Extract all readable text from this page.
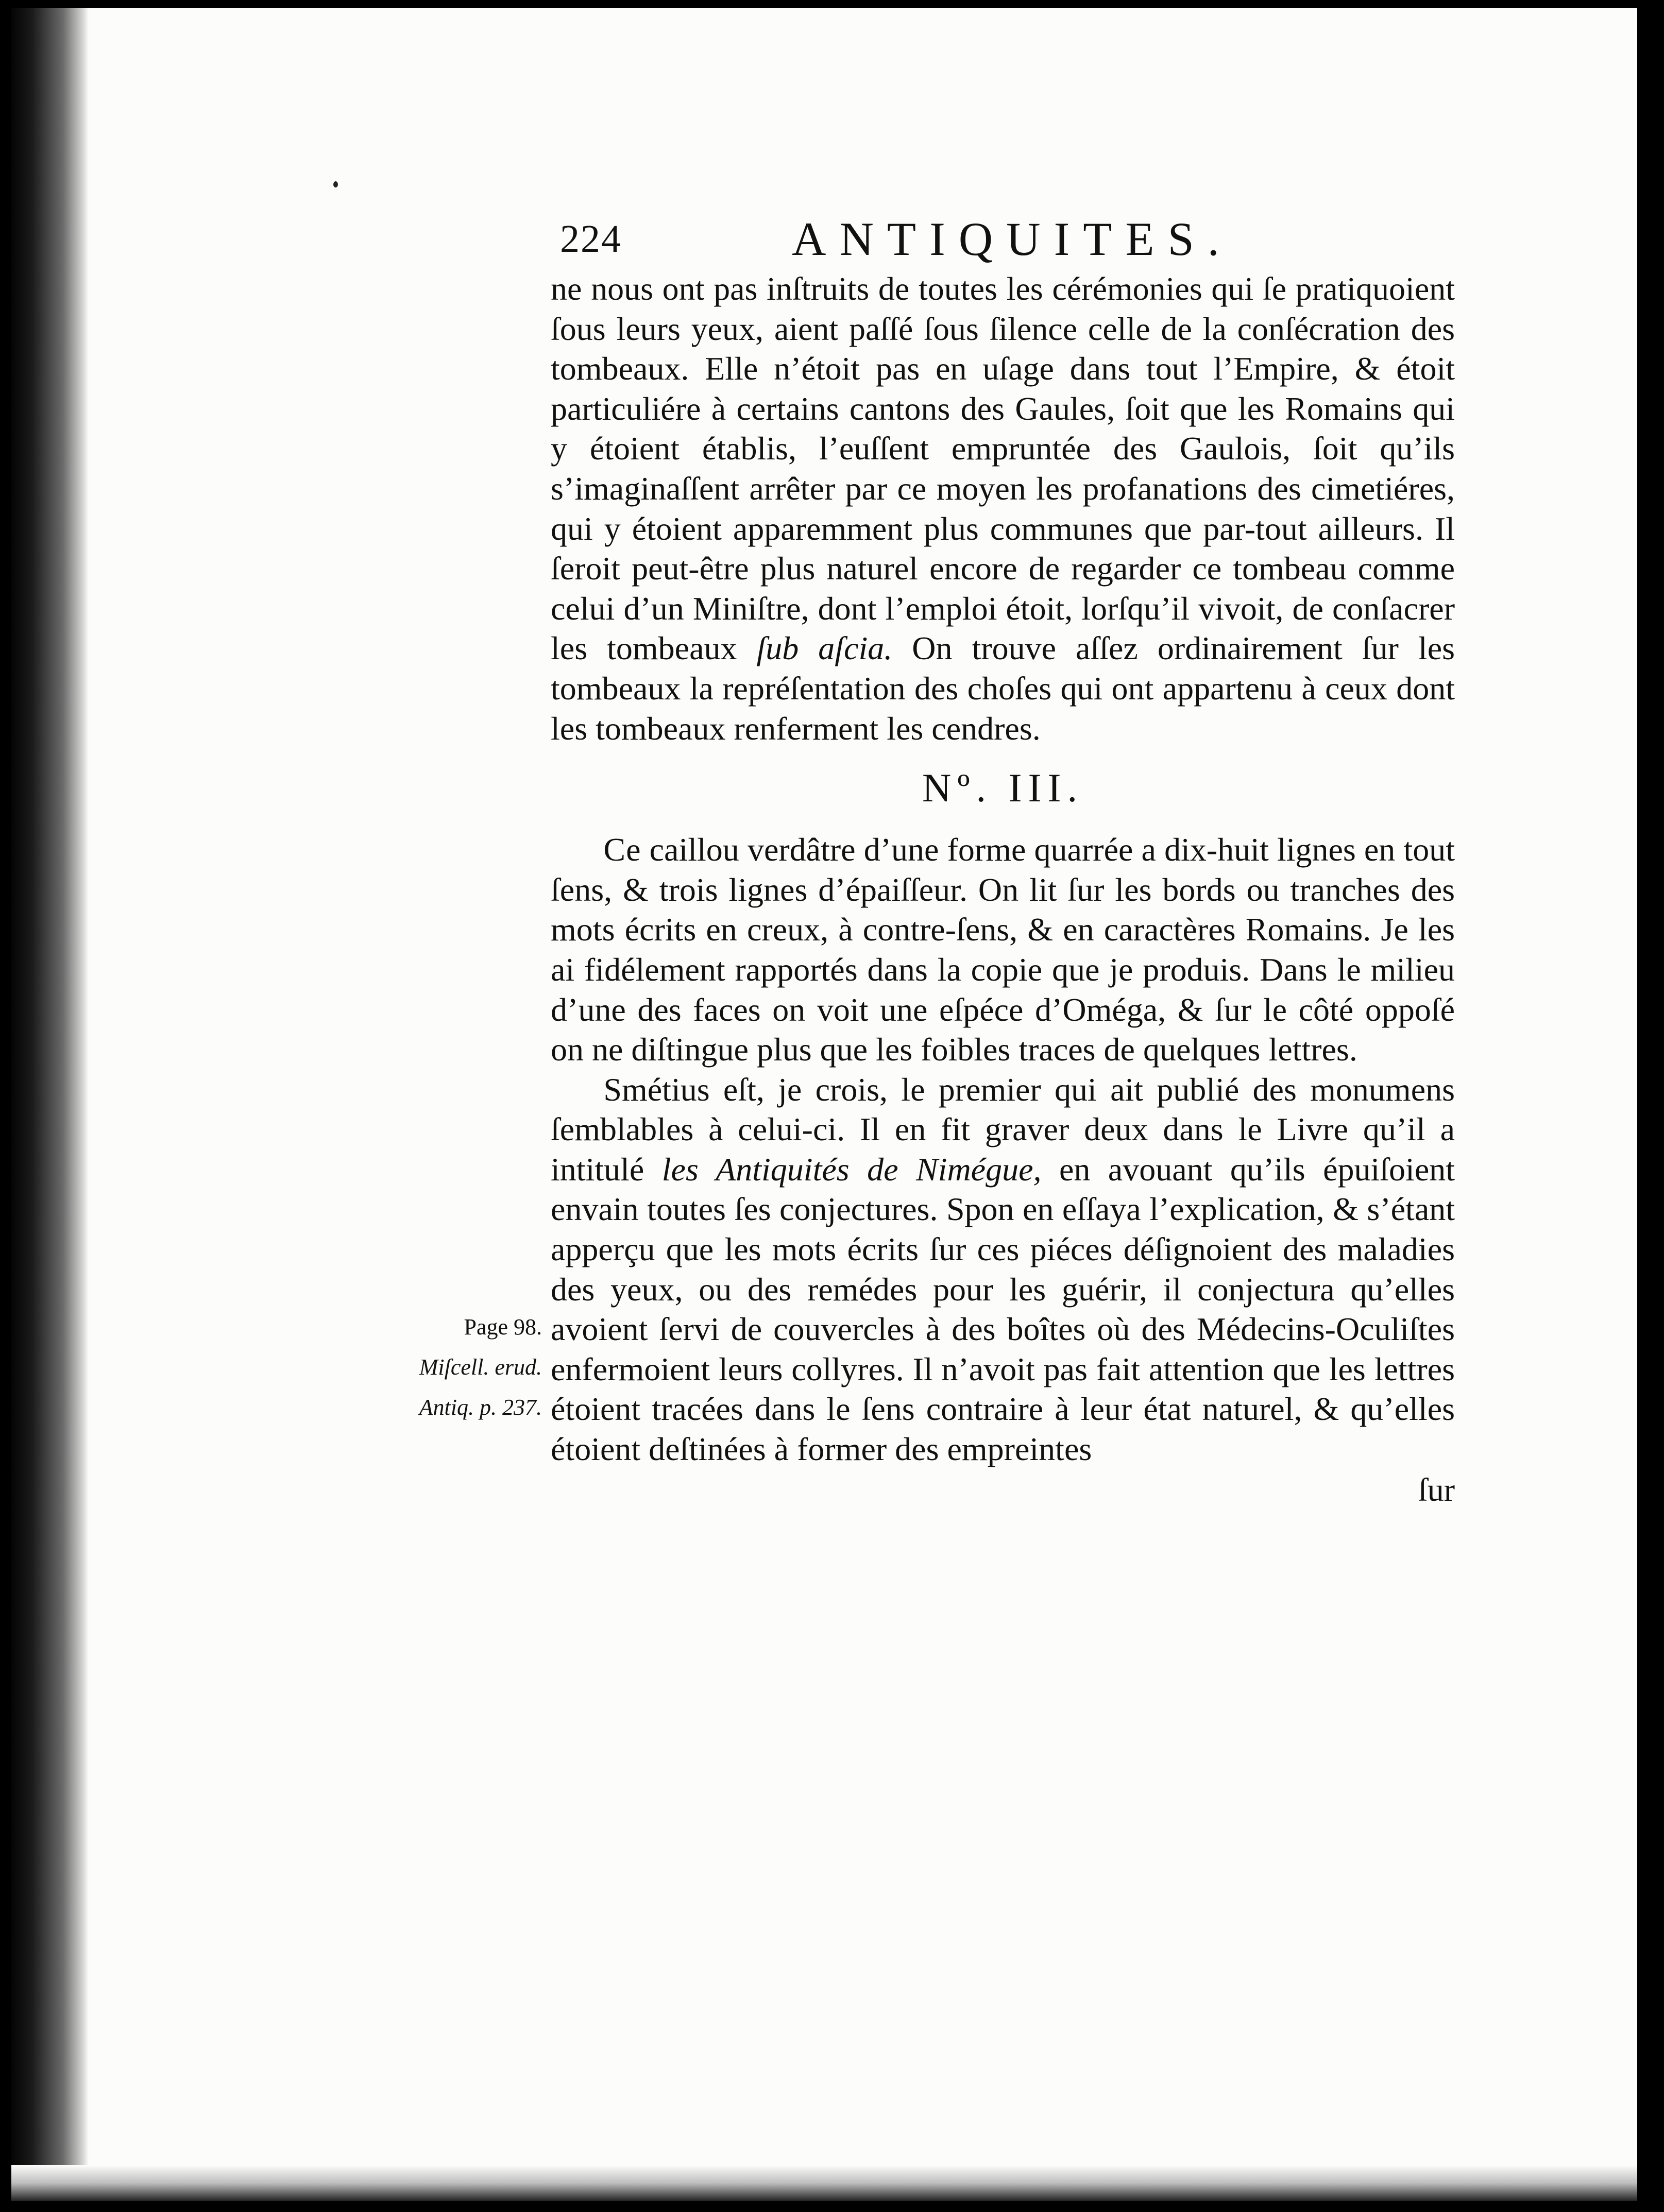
224	ANTIQUITES.

ne nous ont pas inſtruits de toutes les cérémonies qui ſe pratiquoient ſous leurs yeux, aient paſſé ſous ſilence celle de la conſécration des tombeaux. Elle n’étoit pas en uſage dans tout l’Empire, & étoit particuliére à certains cantons des Gaules, ſoit que les Romains qui y étoient établis, l’euſſent empruntée des Gaulois, ſoit qu’ils s’imaginaſſent arrêter par ce moyen les profanations des cimetiéres, qui y étoient apparemment plus communes que par-tout ailleurs. Il ſeroit peut-être plus naturel encore de regarder ce tombeau comme celui d’un Miniſtre, dont l’emploi étoit, lorſqu’il vivoit, de conſacrer les tombeaux ſub aſcia. On trouve aſſez ordinairement ſur les tombeaux la repréſentation des choſes qui ont appartenu à ceux dont les tombeaux renferment les cendres.

Nº. III.

Ce caillou verdâtre d’une forme quarrée a dix-huit lignes en tout ſens, & trois lignes d’épaiſſeur. On lit ſur les bords ou tranches des mots écrits en creux, à contre-ſens, & en caractères Romains. Je les ai fidélement rapportés dans la copie que je produis. Dans le milieu d’une des faces on voit une eſpéce d’Oméga, & ſur le côté oppoſé on ne diſtingue plus que les foibles traces de quelques lettres.

Smétius eſt, je crois, le premier qui ait publié des monumens ſemblables à celui-ci. Il en fit graver deux dans le Livre qu’il a intitulé les Antiquités de Nimégue, en avouant qu’ils épuiſoient envain toutes ſes conjectures. Spon en eſſaya l’explication, & s’étant apperçu que les mots écrits ſur ces piéces déſignoient des maladies des yeux, ou des remédes pour les guérir, il conjectura qu’elles avoient ſervi de couvercles à des boîtes où des Médecins-Oculiſtes enfermoient leurs collyres. Il n’avoit pas fait attention que les lettres étoient tracées dans le ſens contraire à leur état naturel, & qu’elles étoient deſtinées à former des empreintes

ſur

Page 98.
Miſcell. erud.
Antiq. p. 237.
